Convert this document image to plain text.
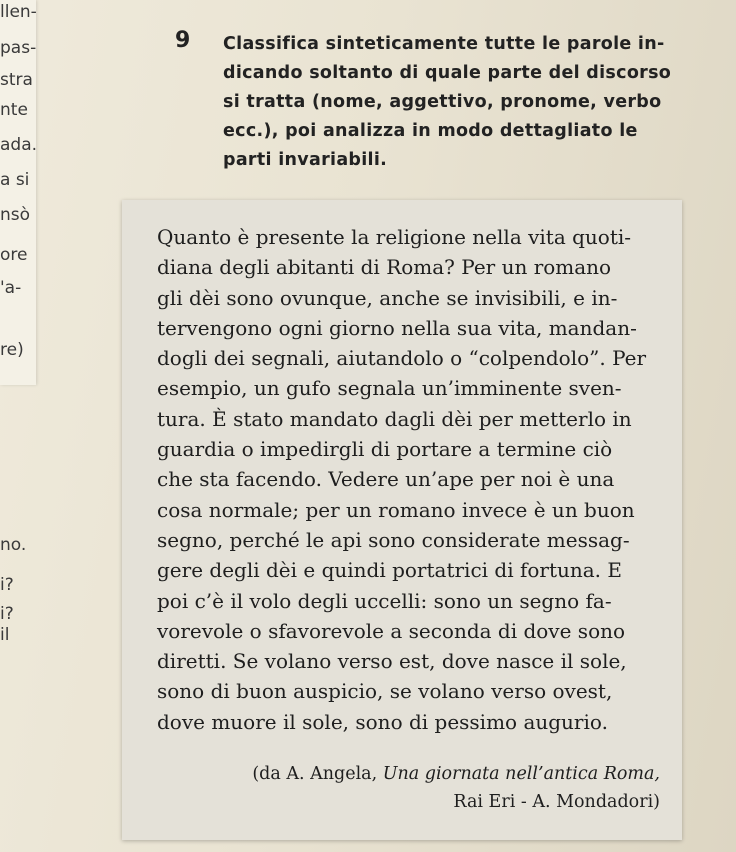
llen-
pas-
stra
nte
ada.
a si
nsò
ore
'a-
re)
no.
i?
i?
il
9 Classifica sinteticamente tutte le parole in-
dicando soltanto di quale parte del discorso
si tratta (nome, aggettivo, pronome, verbo
ecc.), poi analizza in modo dettagliato le
parti invariabili.
Quanto è presente la religione nella vita quoti-
diana degli abitanti di Roma? Per un romano
gli dèi sono ovunque, anche se invisibili, e in-
tervengono ogni giorno nella sua vita, mandan-
dogli dei segnali, aiutandolo o “colpendolo”. Per
esempio, un gufo segnala un’imminente sven-
tura. È stato mandato dagli dèi per metterlo in
guardia o impedirgli di portare a termine ciò
che sta facendo. Vedere un’ape per noi è una
cosa normale; per un romano invece è un buon
segno, perché le api sono considerate messag-
gere degli dèi e quindi portatrici di fortuna. E
poi c’è il volo degli uccelli: sono un segno fa-
vorevole o sfavorevole a seconda di dove sono
diretti. Se volano verso est, dove nasce il sole,
sono di buon auspicio, se volano verso ovest,
dove muore il sole, sono di pessimo augurio.
(da A. Angela, Una giornata nell’antica Roma,
Rai Eri - A. Mondadori)
